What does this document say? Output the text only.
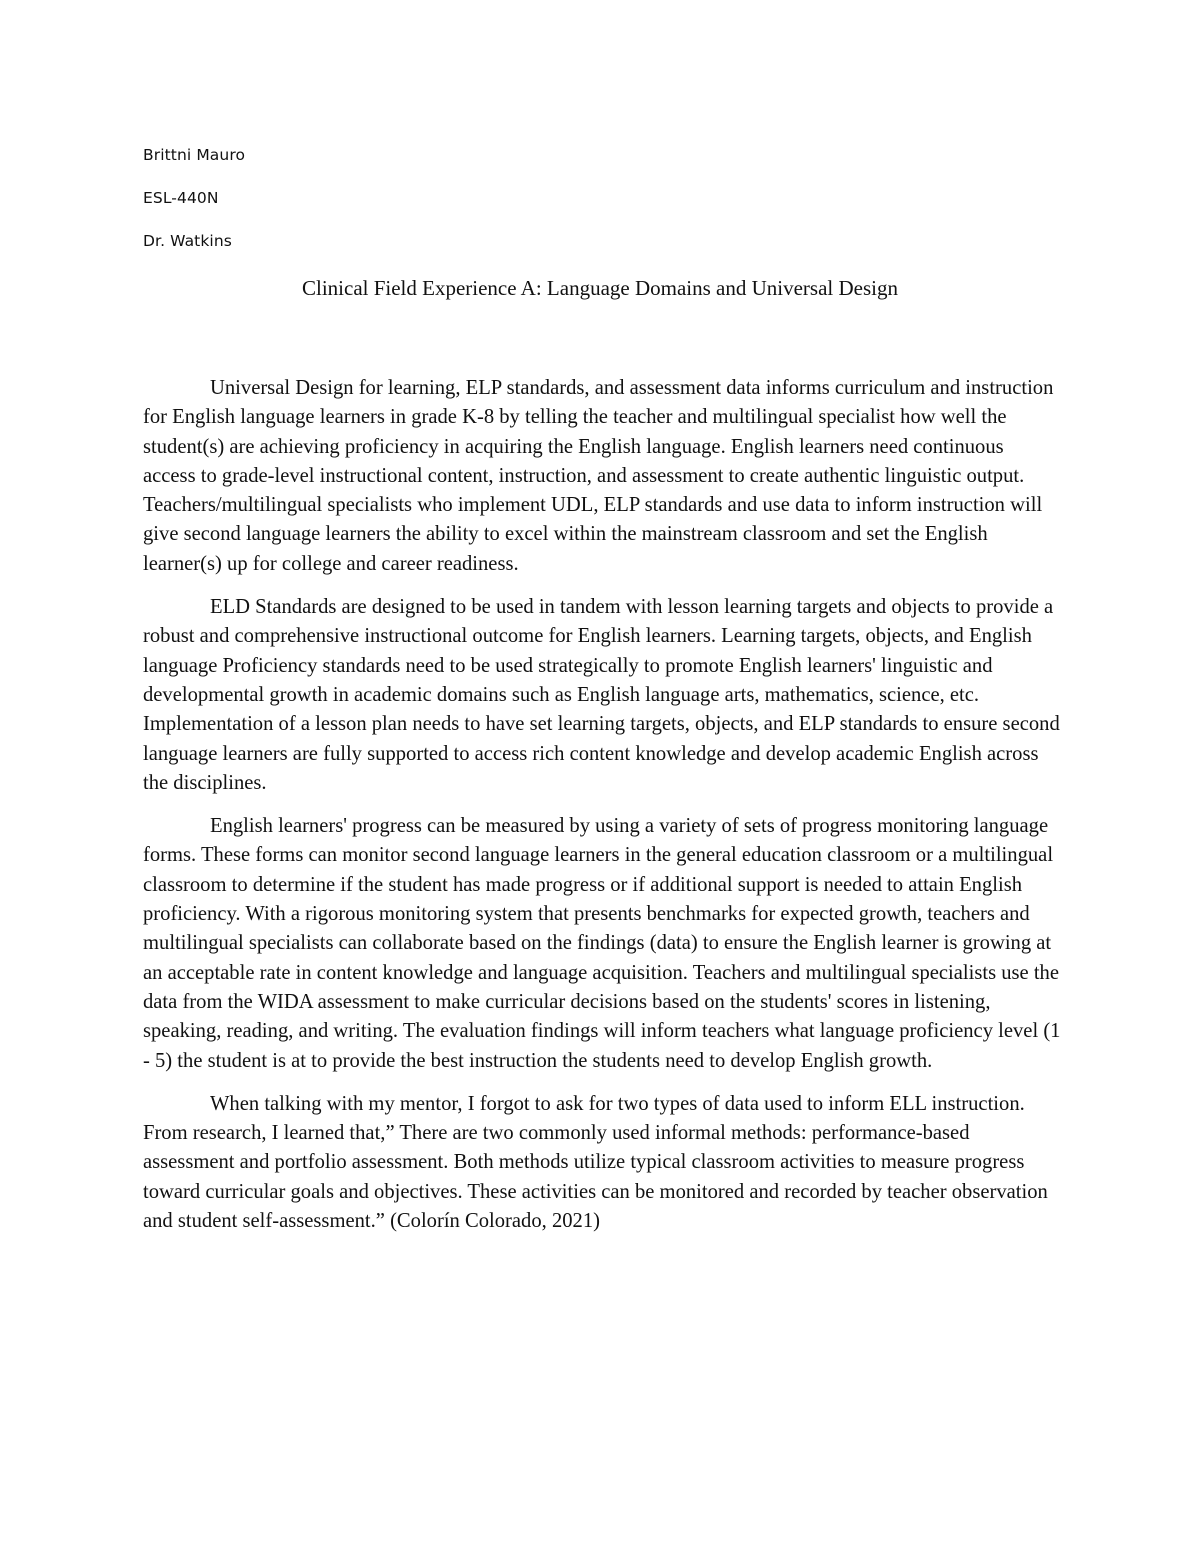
Brittni Mauro
ESL-440N
Dr. Watkins
Clinical Field Experience A: Language Domains and Universal Design

Universal Design for learning, ELP standards, and assessment data informs curriculum and instruction for English language learners in grade K-8 by telling the teacher and multilingual specialist how well the student(s) are achieving proficiency in acquiring the English language. English learners need continuous access to grade-level instructional content, instruction, and assessment to create authentic linguistic output. Teachers/multilingual specialists who implement UDL, ELP standards and use data to inform instruction will give second language learners the ability to excel within the mainstream classroom and set the English learner(s) up for college and career readiness.

ELD Standards are designed to be used in tandem with lesson learning targets and objects to provide a robust and comprehensive instructional outcome for English learners. Learning targets, objects, and English language Proficiency standards need to be used strategically to promote English learners' linguistic and developmental growth in academic domains such as English language arts, mathematics, science, etc. Implementation of a lesson plan needs to have set learning targets, objects, and ELP standards to ensure second language learners are fully supported to access rich content knowledge and develop academic English across the disciplines.

English learners' progress can be measured by using a variety of sets of progress monitoring language forms. These forms can monitor second language learners in the general education classroom or a multilingual classroom to determine if the student has made progress or if additional support is needed to attain English proficiency. With a rigorous monitoring system that presents benchmarks for expected growth, teachers and multilingual specialists can collaborate based on the findings (data) to ensure the English learner is growing at an acceptable rate in content knowledge and language acquisition. Teachers and multilingual specialists use the data from the WIDA assessment to make curricular decisions based on the students' scores in listening, speaking, reading, and writing. The evaluation findings will inform teachers what language proficiency level (1 - 5) the student is at to provide the best instruction the students need to develop English growth.

When talking with my mentor, I forgot to ask for two types of data used to inform ELL instruction. From research, I learned that,” There are two commonly used informal methods: performance-based assessment and portfolio assessment. Both methods utilize typical classroom activities to measure progress toward curricular goals and objectives. These activities can be monitored and recorded by teacher observation and student self-assessment.” (Colorín Colorado, 2021)
